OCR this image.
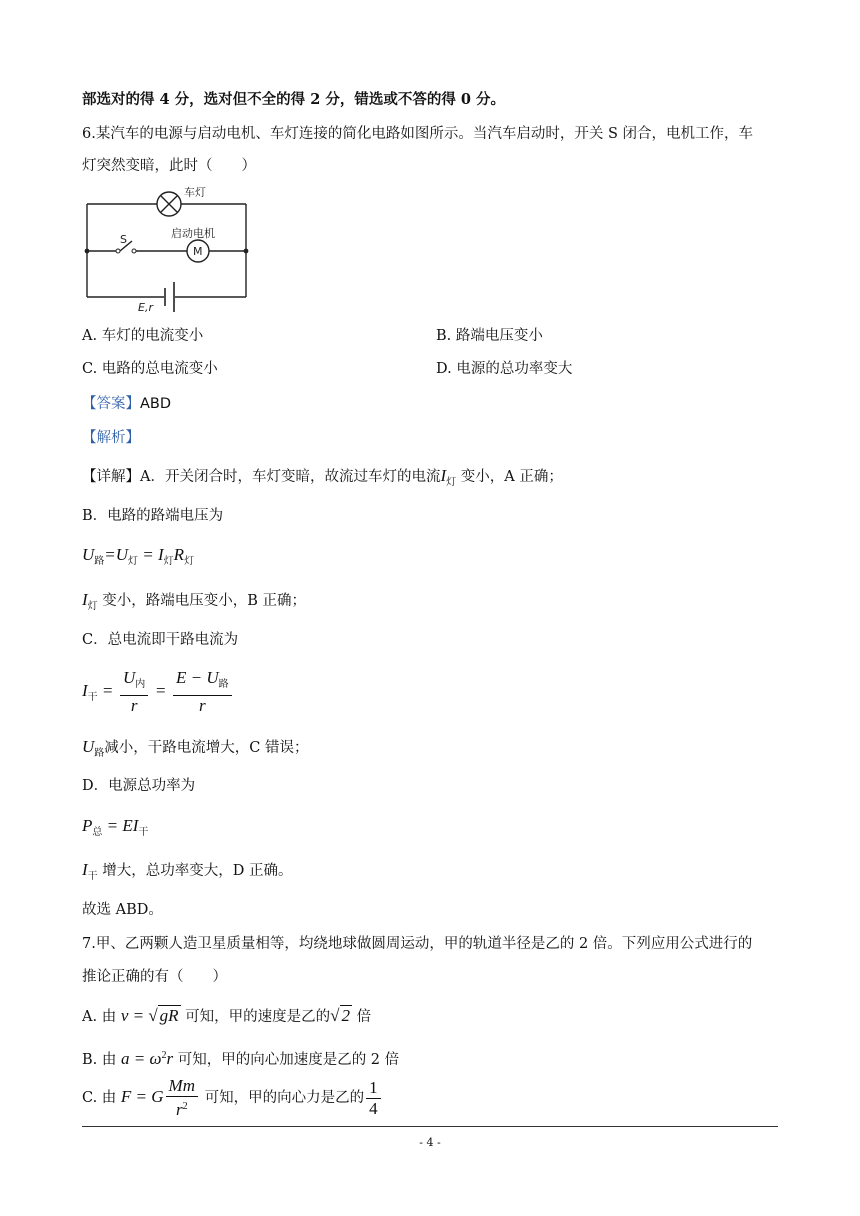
部选对的得 4 分，选对但不全的得 2 分，错选或不答的得 0 分。
6.某汽车的电源与启动电机、车灯连接的简化电路如图所示。当汽车启动时，开关 S 闭合，电机工作，车
灯突然变暗，此时（　　）
车灯
S	启动电机
M
E,r
A. 车灯的电流变小	B. 路端电压变小
C. 电路的总电流变小	D. 电源的总功率变大
【答案】ABD
【解析】
【详解】A．开关闭合时，车灯变暗，故流过车灯的电流$I_灯$ 变小，A 正确；
B．电路的路端电压为
$U_路=U_灯 = I_灯R_灯$
$I_灯$ 变小，路端电压变小，B 正确；
C．总电流即干路电流为
$I_干 = \frac{U_内}{r} = \frac{E - U_路}{r}$
$U_路$减小，干路电流增大，C 错误；
D．电源总功率为
$P_总 = EI_干$
$I_干$ 增大，总功率变大，D 正确。
故选 ABD。
7.甲、乙两颗人造卫星质量相等，均绕地球做圆周运动，甲的轨道半径是乙的 2 倍。下列应用公式进行的
推论正确的有（　　）
A. 由 v = √ gR 可知，甲的速度是乙的√ 2 倍
B. 由 $a = \omega^2r$ 可知，甲的向心加速度是乙的 2 倍
C. 由 F = G $\frac{Mm}{r^2}$ 可知，甲的向心力是乙的 $\frac{1}{4}$
- 4 -
